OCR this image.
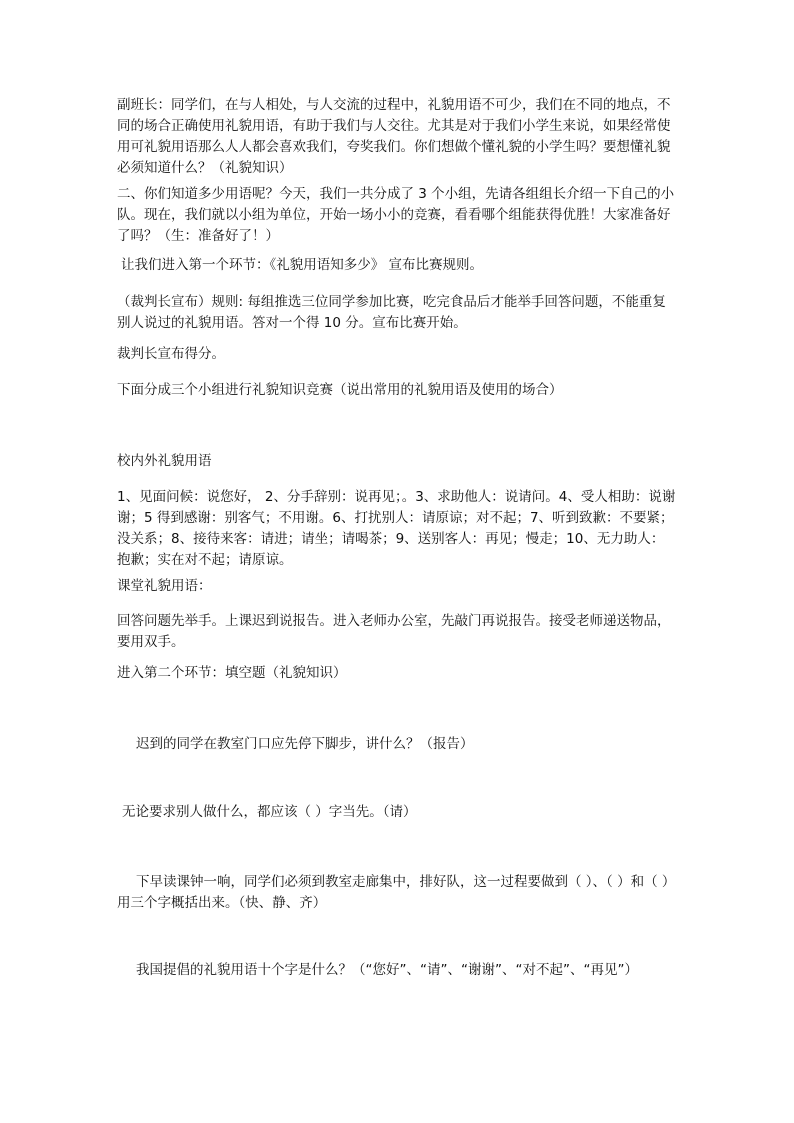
副班长：同学们，在与人相处，与人交流的过程中，礼貌用语不可少，我们在不同的地点，不同的场合正确使用礼貌用语，有助于我们与人交往。尤其是对于我们小学生来说，如果经常使用可礼貌用语那么人人都会喜欢我们，夸奖我们。你们想做个懂礼貌的小学生吗？要想懂礼貌必须知道什么？（礼貌知识）

二、你们知道多少用语呢？今天，我们一共分成了 3 个小组，先请各组组长介绍一下自己的小队。现在，我们就以小组为单位，开始一场小小的竞赛，看看哪个组能获得优胜！大家准备好了吗？（生：准备好了！）

让我们进入第一个环节：《礼貌用语知多少》 宣布比赛规则。

（裁判长宣布）规则: 每组推选三位同学参加比赛，吃完食品后才能举手回答问题，不能重复别人说过的礼貌用语。答对一个得 10 分。宣布比赛开始。

裁判长宣布得分。

下面分成三个小组进行礼貌知识竞赛（说出常用的礼貌用语及使用的场合）

校内外礼貌用语

1、见面问候：说您好， 2、分手辞别：说再见；。3、求助他人：说请问。4、受人相助：说谢谢；5 得到感谢：别客气；不用谢。6、打扰别人：请原谅；对不起；7、听到致歉：不要紧；没关系；8、接待来客：请进；请坐；请喝茶；9、送别客人：再见；慢走；10、无力助人：抱歉；实在对不起；请原谅。

课堂礼貌用语：

回答问题先举手。上课迟到说报告。进入老师办公室，先敲门再说报告。接受老师递送物品，要用双手。

进入第二个环节：填空题（礼貌知识）

迟到的同学在教室门口应先停下脚步，讲什么？（报告）

无论要求别人做什么，都应该（ ）字当先。（请）

下早读课钟一响，同学们必须到教室走廊集中，排好队，这一过程要做到（ ）、（ ）和（ ）用三个字概括出来。（快、静、齐）

我国提倡的礼貌用语十个字是什么？（“您好”、“请”、“谢谢”、“对不起”、“再见”）
